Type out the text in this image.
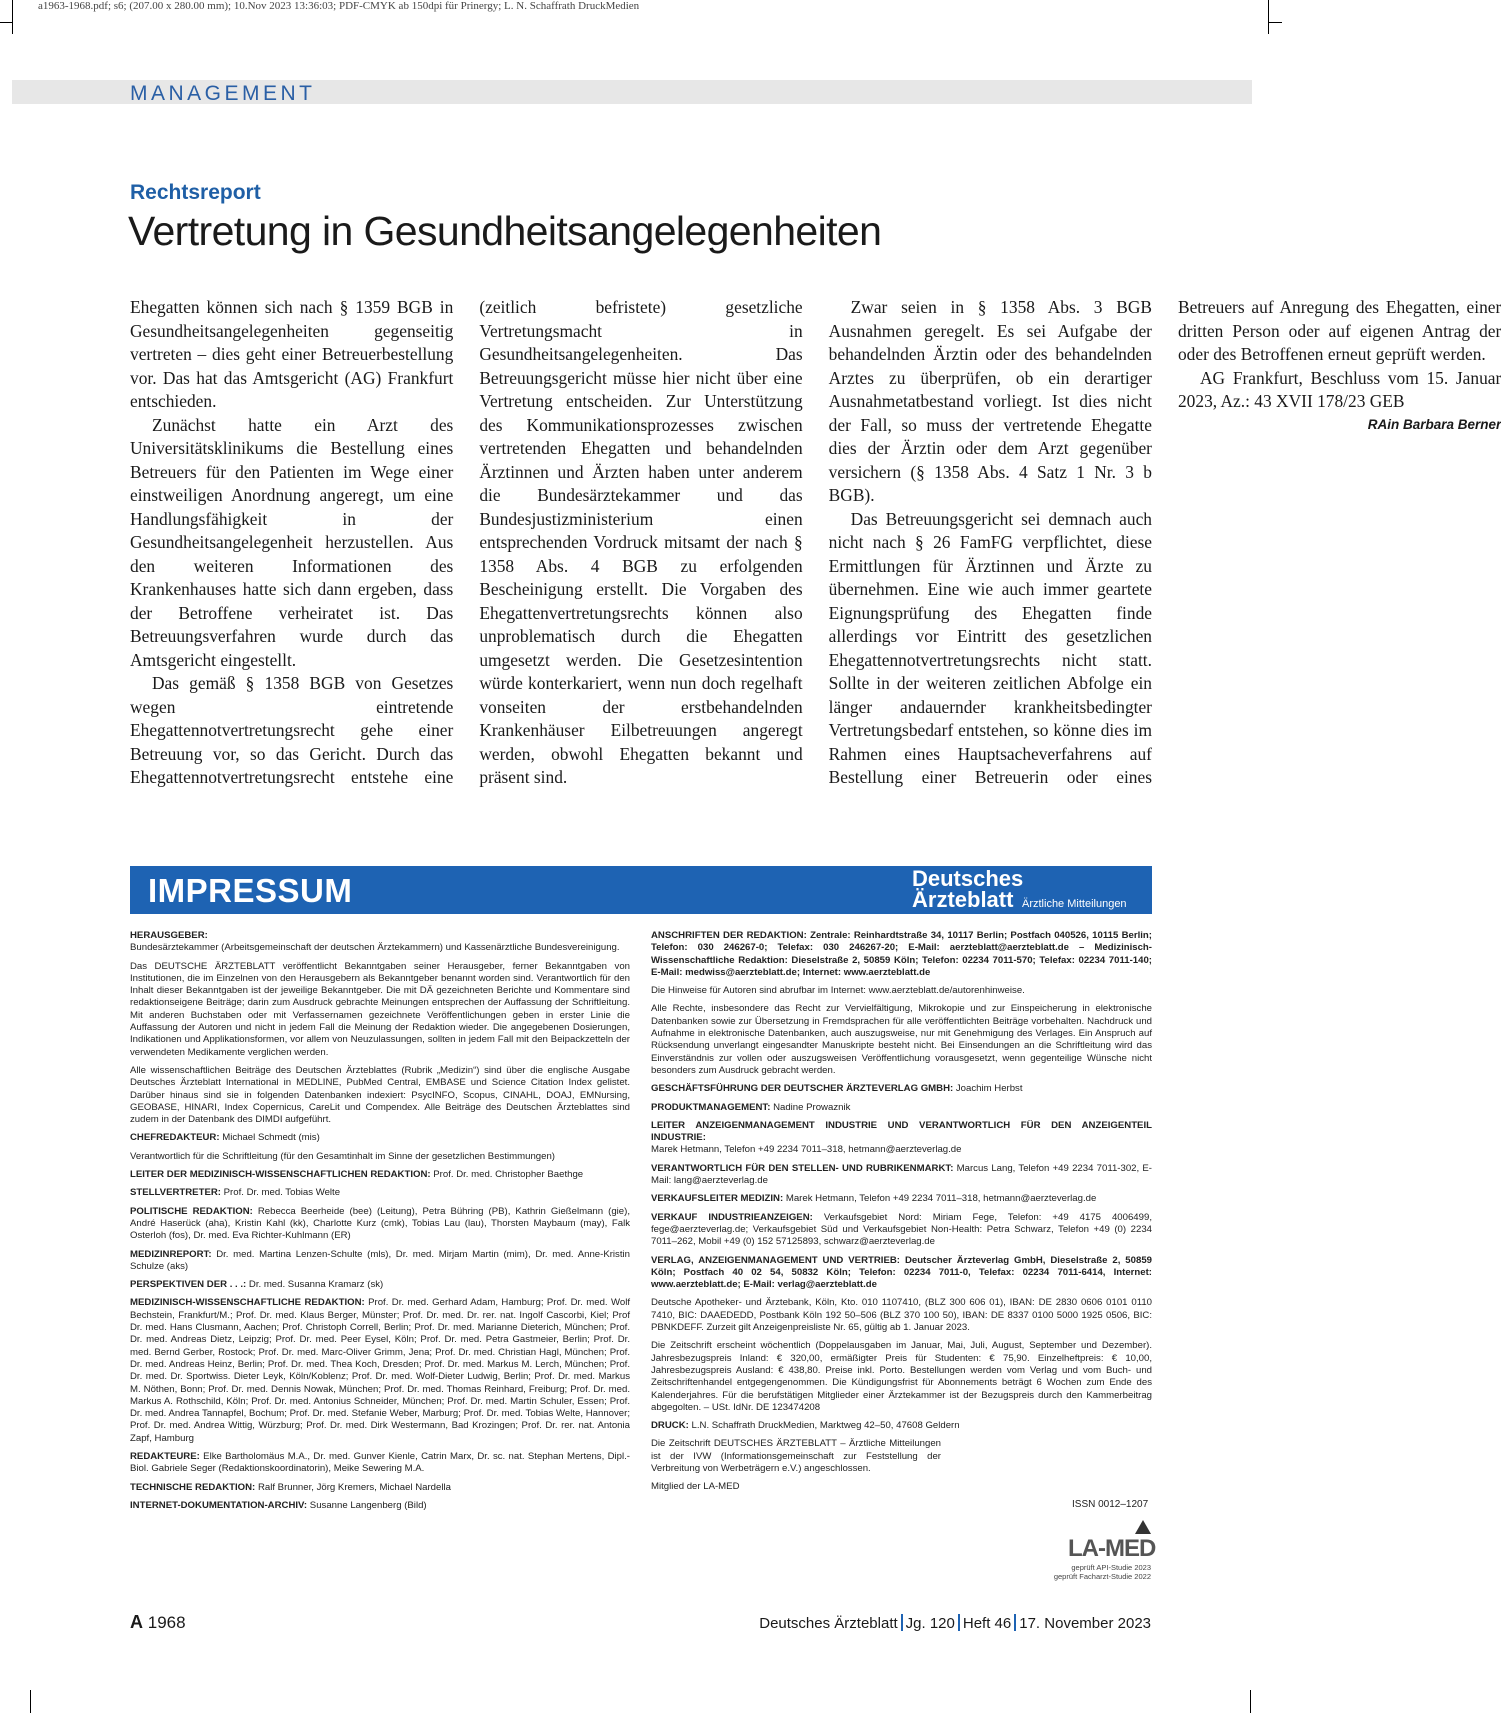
a1963-1968.pdf; s6; (207.00 x 280.00 mm); 10.Nov 2023 13:36:03; PDF-CMYK ab 150dpi für Prinergy; L. N. Schaffrath DruckMedien
MANAGEMENT
Rechtsreport
Vertretung in Gesundheitsangelegenheiten

Ehegatten können sich nach § 1359 BGB in Gesundheitsangelegenheiten gegenseitig vertreten – dies geht einer Betreuerbestellung vor. Das hat das Amtsgericht (AG) Frankfurt entschieden.

Zunächst hatte ein Arzt des Universitätsklinikums die Bestellung eines Betreuers für den Patienten im Wege einer einstweiligen Anordnung angeregt, um eine Handlungsfähigkeit in der Gesundheitsangelegenheit herzustellen. Aus den weiteren Informationen des Krankenhauses hatte sich dann ergeben, dass der Betroffene verheiratet ist. Das Betreuungsverfahren wurde durch das Amtsgericht eingestellt.

Das gemäß § 1358 BGB von Gesetzes wegen eintretende Ehegattennotvertretungsrecht gehe einer Betreuung vor, so das Gericht. Durch das Ehegattennotvertretungsrecht entstehe eine (zeitlich befristete) gesetzliche Vertretungsmacht in Gesundheitsangelegenheiten. Das Betreuungsgericht müsse hier nicht über eine Vertretung entscheiden. Zur Unterstützung des Kommunikationsprozesses zwischen vertretenden Ehegatten und behandelnden Ärztinnen und Ärzten haben unter anderem die Bundesärztekammer und das Bundesjustizministerium einen entsprechenden Vordruck mitsamt der nach § 1358 Abs. 4 BGB zu erfolgenden Bescheinigung erstellt. Die Vorgaben des Ehegattenvertretungsrechts können also unproblematisch durch die Ehegatten umgesetzt werden. Die Gesetzesintention würde konterkariert, wenn nun doch regelhaft vonseiten der erstbehandelnden Krankenhäuser Eilbetreuungen angeregt werden, obwohl Ehegatten bekannt und präsent sind.

Zwar seien in § 1358 Abs. 3 BGB Ausnahmen geregelt. Es sei Aufgabe der behandelnden Ärztin oder des behandelnden Arztes zu überprüfen, ob ein derartiger Ausnahmetatbestand vorliegt. Ist dies nicht der Fall, so muss der vertretende Ehegatte dies der Ärztin oder dem Arzt gegenüber versichern (§ 1358 Abs. 4 Satz 1 Nr. 3 b BGB).

Das Betreuungsgericht sei demnach auch nicht nach § 26 FamFG verpflichtet, diese Ermittlungen für Ärztinnen und Ärzte zu übernehmen. Eine wie auch immer geartete Eignungsprüfung des Ehegatten finde allerdings vor Eintritt des gesetzlichen Ehegattennotvertretungsrechts nicht statt. Sollte in der weiteren zeitlichen Abfolge ein länger andauernder krankheitsbedingter Vertretungsbedarf entstehen, so könne dies im Rahmen eines Hauptsacheverfahrens auf Bestellung einer Betreuerin oder eines Betreuers auf Anregung des Ehegatten, einer dritten Person oder auf eigenen Antrag der oder des Betroffenen erneut geprüft werden.

AG Frankfurt, Beschluss vom 15. Januar 2023, Az.: 43 XVII 178/23 GEB

RAin Barbara Berner

IMPRESSUM	Deutsches
Ärzteblatt Ärztliche Mitteilungen

HERAUSGEBER:
Bundesärztekammer (Arbeitsgemeinschaft der deutschen Ärztekammern) und Kassenärztliche Bundesvereinigung.

Das DEUTSCHE ÄRZTEBLATT veröffentlicht Bekanntgaben seiner Herausgeber, ferner Bekanntgaben von Institutionen, die im Einzelnen von den Herausgebern als Bekanntgeber benannt worden sind. Verantwortlich für den Inhalt dieser Bekanntgaben ist der jeweilige Bekanntgeber. Die mit DÄ gezeichneten Berichte und Kommentare sind redaktionseigene Beiträge; darin zum Ausdruck gebrachte Meinungen entsprechen der Auffassung der Schriftleitung. Mit anderen Buchstaben oder mit Verfassernamen gezeichnete Veröffentlichungen geben in erster Linie die Auffassung der Autoren und nicht in jedem Fall die Meinung der Redaktion wieder. Die angegebenen Dosierungen, Indikationen und Applikationsformen, vor allem von Neuzulassungen, sollten in jedem Fall mit den Beipackzetteln der verwendeten Medikamente verglichen werden.

Alle wissenschaftlichen Beiträge des Deutschen Ärzteblattes (Rubrik „Medizin“) sind über die englische Ausgabe Deutsches Ärzteblatt International in MEDLINE, PubMed Central, EMBASE und Science Citation Index gelistet. Darüber hinaus sind sie in folgenden Datenbanken indexiert: PsycINFO, Scopus, CINAHL, DOAJ, EMNursing, GEOBASE, HINARI, Index Copernicus, CareLit und Compendex. Alle Beiträge des Deutschen Ärzteblattes sind zudem in der Datenbank des DIMDI aufgeführt.

CHEFREDAKTEUR: Michael Schmedt (mis)

Verantwortlich für die Schriftleitung (für den Gesamtinhalt im Sinne der gesetzlichen Bestimmungen)

LEITER DER MEDIZINISCH-WISSENSCHAFTLICHEN REDAKTION: Prof. Dr. med. Christopher Baethge

STELLVERTRETER: Prof. Dr. med. Tobias Welte

POLITISCHE REDAKTION: Rebecca Beerheide (bee) (Leitung), Petra Bühring (PB), Kathrin Gießelmann (gie), André Haserück (aha), Kristin Kahl (kk), Charlotte Kurz (cmk), Tobias Lau (lau), Thorsten Maybaum (may), Falk Osterloh (fos), Dr. med. Eva Richter-Kuhlmann (ER)

MEDIZINREPORT: Dr. med. Martina Lenzen-Schulte (mls), Dr. med. Mirjam Martin (mim), Dr. med. Anne-Kristin Schulze (aks)

PERSPEKTIVEN DER . . .: Dr. med. Susanna Kramarz (sk)

MEDIZINISCH-WISSENSCHAFTLICHE REDAKTION: Prof. Dr. med. Gerhard Adam, Hamburg; Prof. Dr. med. Wolf Bechstein, Frankfurt/M.; Prof. Dr. med. Klaus Berger, Münster; Prof. Dr. med. Dr. rer. nat. Ingolf Cascorbi, Kiel; Prof Dr. med. Hans Clusmann, Aachen; Prof. Christoph Correll, Berlin; Prof. Dr. med. Marianne Dieterich, München; Prof. Dr. med. Andreas Dietz, Leipzig; Prof. Dr. med. Peer Eysel, Köln; Prof. Dr. med. Petra Gastmeier, Berlin; Prof. Dr. med. Bernd Gerber, Rostock; Prof. Dr. med. Marc-Oliver Grimm, Jena; Prof. Dr. med. Christian Hagl, München; Prof. Dr. med. Andreas Heinz, Berlin; Prof. Dr. med. Thea Koch, Dresden; Prof. Dr. med. Markus M. Lerch, München; Prof. Dr. med. Dr. Sportwiss. Dieter Leyk, Köln/Koblenz; Prof. Dr. med. Wolf-Dieter Ludwig, Berlin; Prof. Dr. med. Markus M. Nöthen, Bonn; Prof. Dr. med. Dennis Nowak, München; Prof. Dr. med. Thomas Reinhard, Freiburg; Prof. Dr. med. Markus A. Rothschild, Köln; Prof. Dr. med. Antonius Schneider, München; Prof. Dr. med. Martin Schuler, Essen; Prof. Dr. med. Andrea Tannapfel, Bochum; Prof. Dr. med. Stefanie Weber, Marburg; Prof. Dr. med. Tobias Welte, Hannover; Prof. Dr. med. Andrea Wittig, Würzburg; Prof. Dr. med. Dirk Westermann, Bad Krozingen; Prof. Dr. rer. nat. Antonia Zapf, Hamburg

REDAKTEURE: Elke Bartholomäus M.A., Dr. med. Gunver Kienle, Catrin Marx, Dr. sc. nat. Stephan Mertens, Dipl.-Biol. Gabriele Seger (Redaktionskoordinatorin), Meike Sewering M.A.

TECHNISCHE REDAKTION: Ralf Brunner, Jörg Kremers, Michael Nardella

INTERNET-DOKUMENTATION-ARCHIV: Susanne Langenberg (Bild)

ANSCHRIFTEN DER REDAKTION: Zentrale: Reinhardtstraße 34, 10117 Berlin; Postfach 040526, 10115 Berlin; Telefon: 030 246267-0; Telefax: 030 246267-20; E-Mail: aerzteblatt@aerzteblatt.de – Medizinisch-Wissenschaftliche Redaktion: Dieselstraße 2, 50859 Köln; Telefon: 02234 7011-570; Telefax: 02234 7011-140; E-Mail: medwiss@aerzteblatt.de; Internet: www.aerzteblatt.de

Die Hinweise für Autoren sind abrufbar im Internet: www.aerzteblatt.de/autorenhinweise.

Alle Rechte, insbesondere das Recht zur Vervielfältigung, Mikrokopie und zur Einspeicherung in elektronische Datenbanken sowie zur Übersetzung in Fremdsprachen für alle veröffentlichten Beiträge vorbehalten. Nachdruck und Aufnahme in elektronische Datenbanken, auch auszugsweise, nur mit Genehmigung des Verlages. Ein Anspruch auf Rücksendung unverlangt eingesandter Manuskripte besteht nicht. Bei Einsendungen an die Schriftleitung wird das Einverständnis zur vollen oder auszugsweisen Veröffentlichung vorausgesetzt, wenn gegenteilige Wünsche nicht besonders zum Ausdruck gebracht werden.

GESCHÄFTSFÜHRUNG DER DEUTSCHER ÄRZTEVERLAG GMBH: Joachim Herbst

PRODUKTMANAGEMENT: Nadine Prowaznik

LEITER ANZEIGENMANAGEMENT INDUSTRIE UND VERANTWORTLICH FÜR DEN ANZEIGENTEIL INDUSTRIE:
Marek Hetmann, Telefon +49 2234 7011–318, hetmann@aerzteverlag.de

VERANTWORTLICH FÜR DEN STELLEN- UND RUBRIKENMARKT: Marcus Lang, Telefon +49 2234 7011-302, E-Mail: lang@aerzteverlag.de

VERKAUFSLEITER MEDIZIN: Marek Hetmann, Telefon +49 2234 7011–318, hetmann@aerzteverlag.de

VERKAUF INDUSTRIEANZEIGEN: Verkaufsgebiet Nord: Miriam Fege, Telefon: +49 4175 4006499, fege@aerzteverlag.de; Verkaufsgebiet Süd und Verkaufsgebiet Non-Health: Petra Schwarz, Telefon +49 (0) 2234 7011–262, Mobil +49 (0) 152 57125893, schwarz@aerzteverlag.de

VERLAG, ANZEIGENMANAGEMENT UND VERTRIEB: Deutscher Ärzteverlag GmbH, Dieselstraße 2, 50859 Köln; Postfach 40 02 54, 50832 Köln; Telefon: 02234 7011-0, Telefax: 02234 7011-6414, Internet: www.aerzteblatt.de; E-Mail: verlag@aerzteblatt.de

Deutsche Apotheker- und Ärztebank, Köln, Kto. 010 1107410, (BLZ 300 606 01), IBAN: DE 2830 0606 0101 0110 7410, BIC: DAAEDEDD, Postbank Köln 192 50–506 (BLZ 370 100 50), IBAN: DE 8337 0100 5000 1925 0506, BIC: PBNKDEFF. Zurzeit gilt Anzeigenpreisliste Nr. 65, gültig ab 1. Januar 2023.

Die Zeitschrift erscheint wöchentlich (Doppelausgaben im Januar, Mai, Juli, August, September und Dezember). Jahresbezugspreis Inland: € 320,00, ermäßigter Preis für Studenten: € 75,90. Einzelheftpreis: € 10,00, Jahresbezugspreis Ausland: € 438,80. Preise inkl. Porto. Bestellungen werden vom Verlag und vom Buch- und Zeitschriftenhandel entgegengenommen. Die Kündigungsfrist für Abonnements beträgt 6 Wochen zum Ende des Kalenderjahres. Für die berufstätigen Mitglieder einer Ärztekammer ist der Bezugspreis durch den Kammerbeitrag abgegolten. – USt. IdNr. DE 123474208

DRUCK: L.N. Schaffrath DruckMedien, Marktweg 42–50, 47608 Geldern

Die Zeitschrift DEUTSCHES ÄRZTEBLATT – Ärztliche Mitteilungen ist der IVW (Informationsgemeinschaft zur Feststellung der Verbreitung von Werbeträgern e.V.) angeschlossen.

Mitglied der LA-MED

ISSN 0012–1207
LA-MED
geprüft API-Studie 2023
geprüft Facharzt-Studie 2022
A 1968	Deutsches Ärzteblatt Jg. 120 Heft 46 17. November 2023
